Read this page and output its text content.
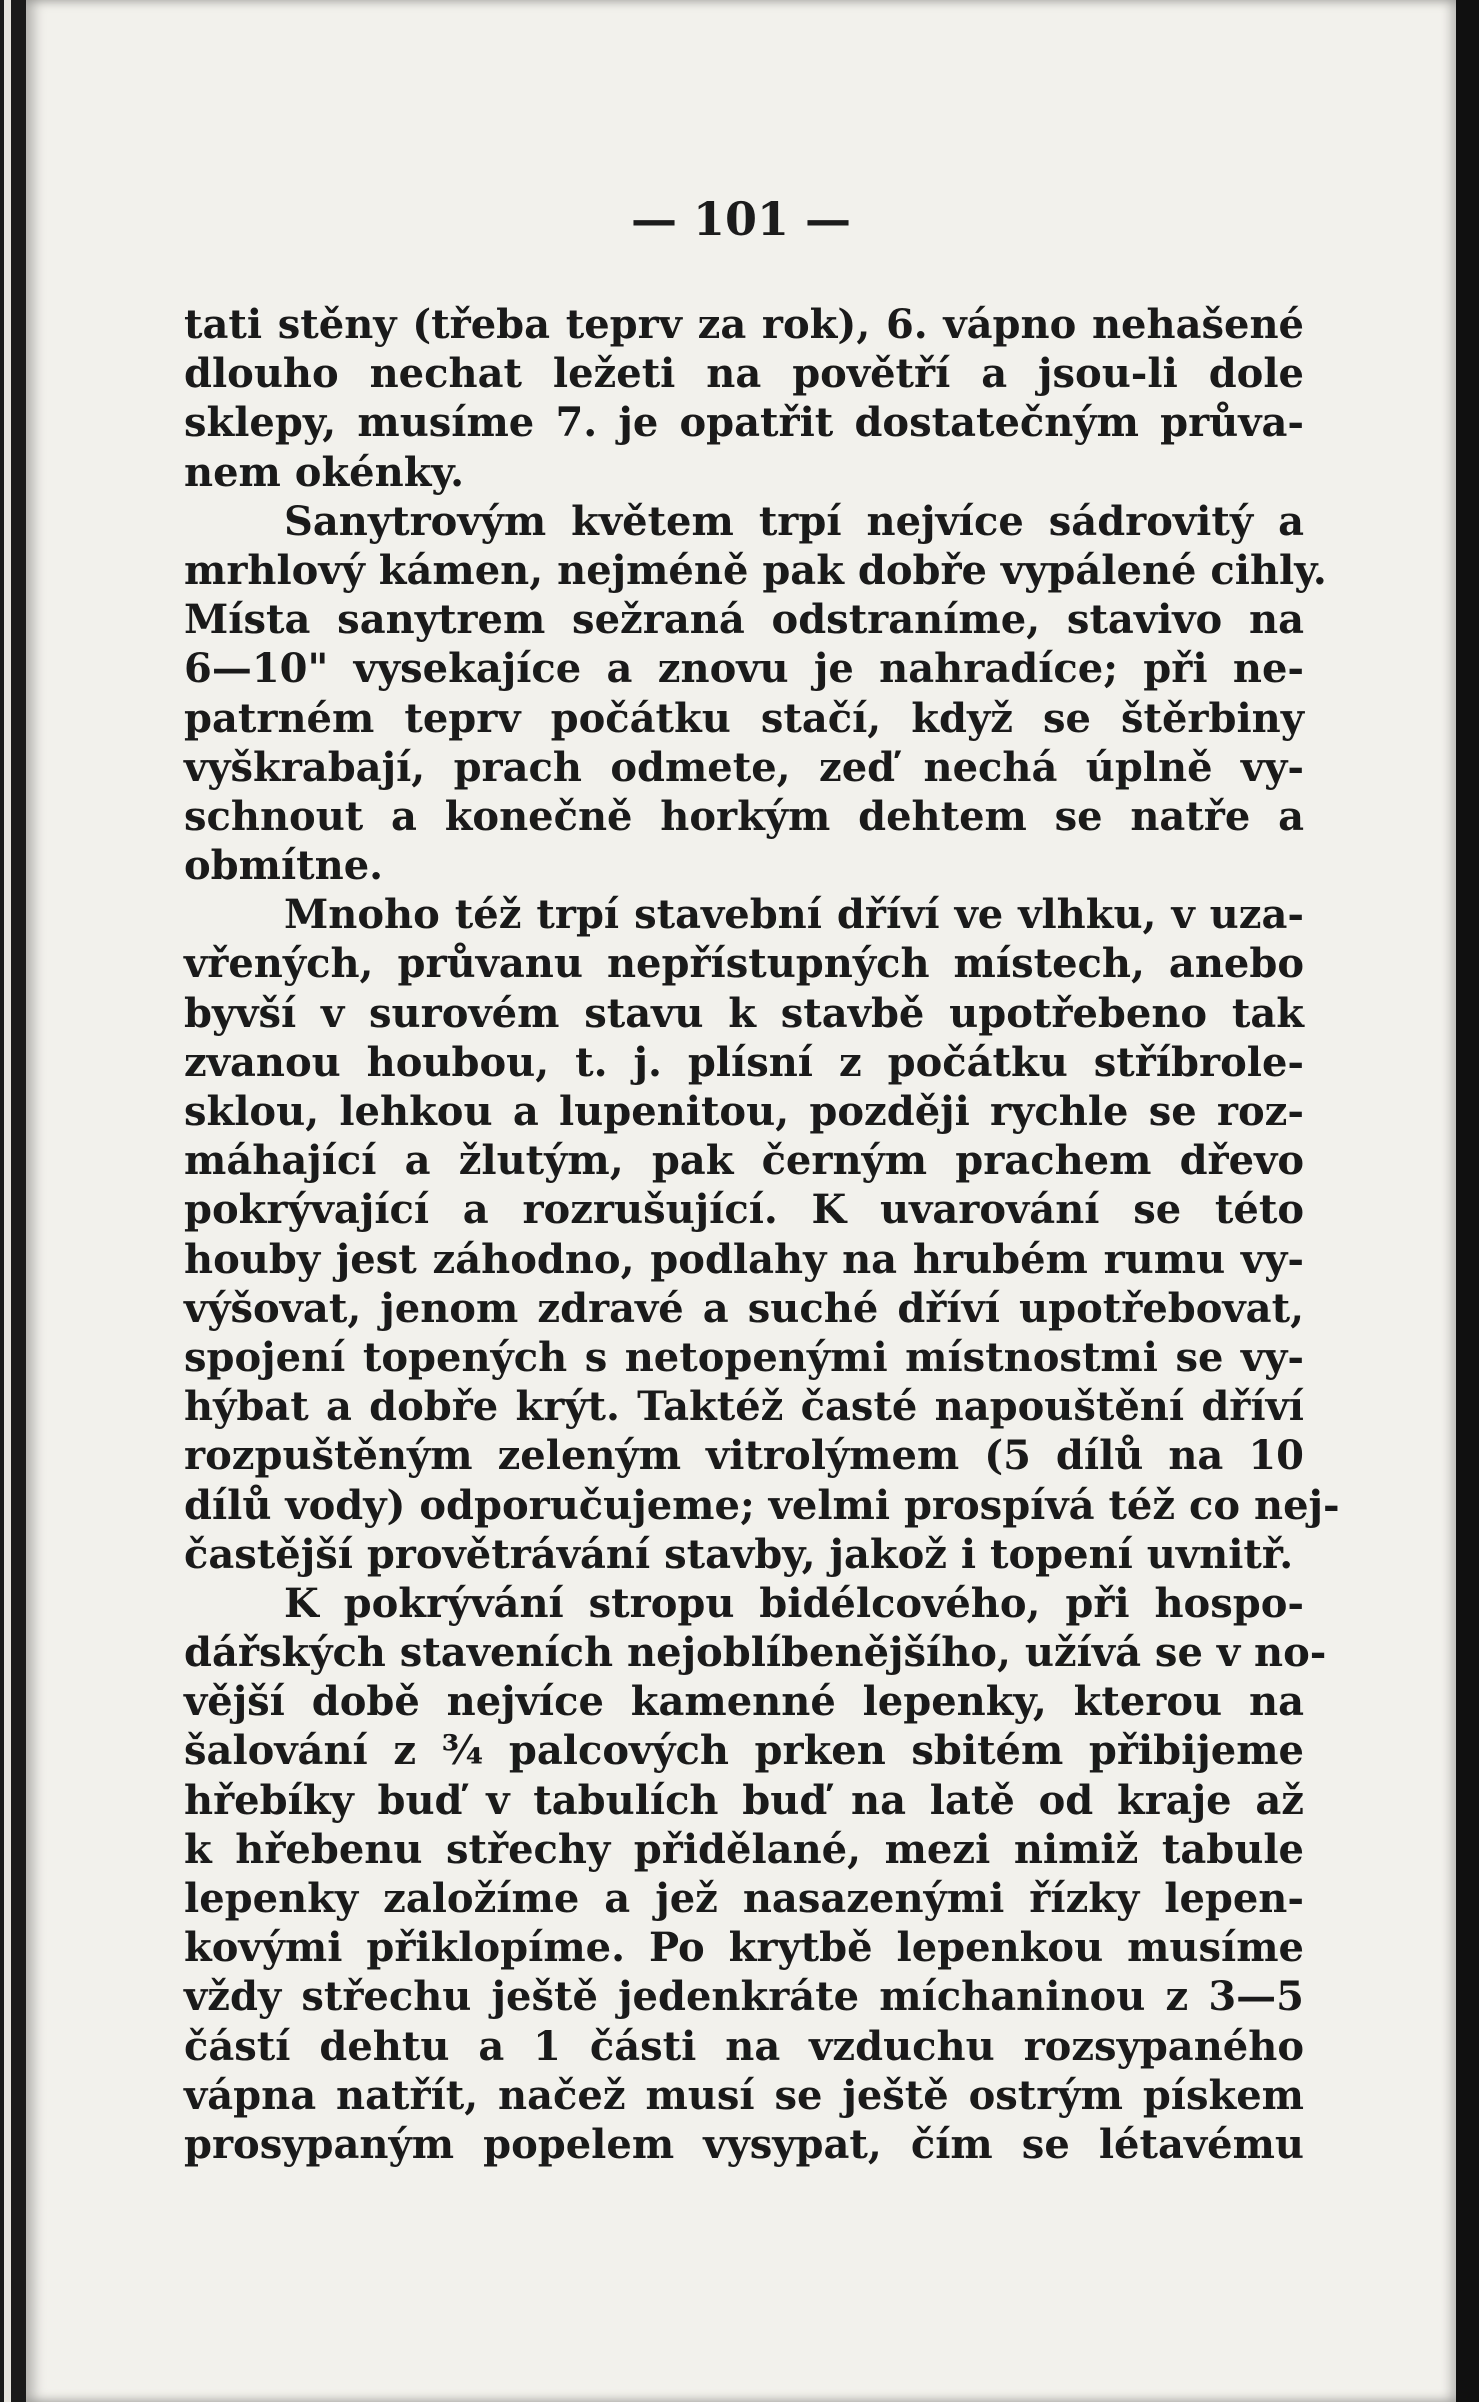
— 101 —
tati stěny (třeba teprv za rok), 6. vápno nehašené
dlouho nechat ležeti na povětří a jsou-li dole
sklepy, musíme 7. je opatřit dostatečným průva-
nem okénky.
Sanytrovým květem trpí nejvíce sádrovitý a
mrhlový kámen, nejméně pak dobře vypálené cihly.
Místa sanytrem sežraná odstraníme, stavivo na
6—10" vysekajíce a znovu je nahradíce; při ne-
patrném teprv počátku stačí, když se štěrbiny
vyškrabají, prach odmete, zeď nechá úplně vy-
schnout a konečně horkým dehtem se natře a
obmítne.
Mnoho též trpí stavební dříví ve vlhku, v uza-
vřených, průvanu nepřístupných místech, anebo
byvší v surovém stavu k stavbě upotřebeno tak
zvanou houbou, t. j. plísní z počátku stříbrole-
sklou, lehkou a lupenitou, později rychle se roz-
máhající a žlutým, pak černým prachem dřevo
pokrývající a rozrušující. K uvarování se této
houby jest záhodno, podlahy na hrubém rumu vy-
výšovat, jenom zdravé a suché dříví upotřebovat,
spojení topených s netopenými místnostmi se vy-
hýbat a dobře krýt. Taktéž časté napouštění dříví
rozpuštěným zeleným vitrolýmem (5 dílů na 10
dílů vody) odporučujeme; velmi prospívá též co nej-
častější provětrávání stavby, jakož i topení uvnitř.
K pokrývání stropu bidélcového, při hospo-
dářských staveních nejoblíbenějšího, užívá se v no-
vější době nejvíce kamenné lepenky, kterou na
šalování z ¾ palcových prken sbitém přibijeme
hřebíky buď v tabulích buď na latě od kraje až
k hřebenu střechy přidělané, mezi nimiž tabule
lepenky založíme a jež nasazenými řízky lepen-
kovými přiklopíme. Po krytbě lepenkou musíme
vždy střechu ještě jedenkráte míchaninou z 3—5
částí dehtu a 1 části na vzduchu rozsypaného
vápna natřít, načež musí se ještě ostrým pískem
prosypaným popelem vysypat, čím se létavému
